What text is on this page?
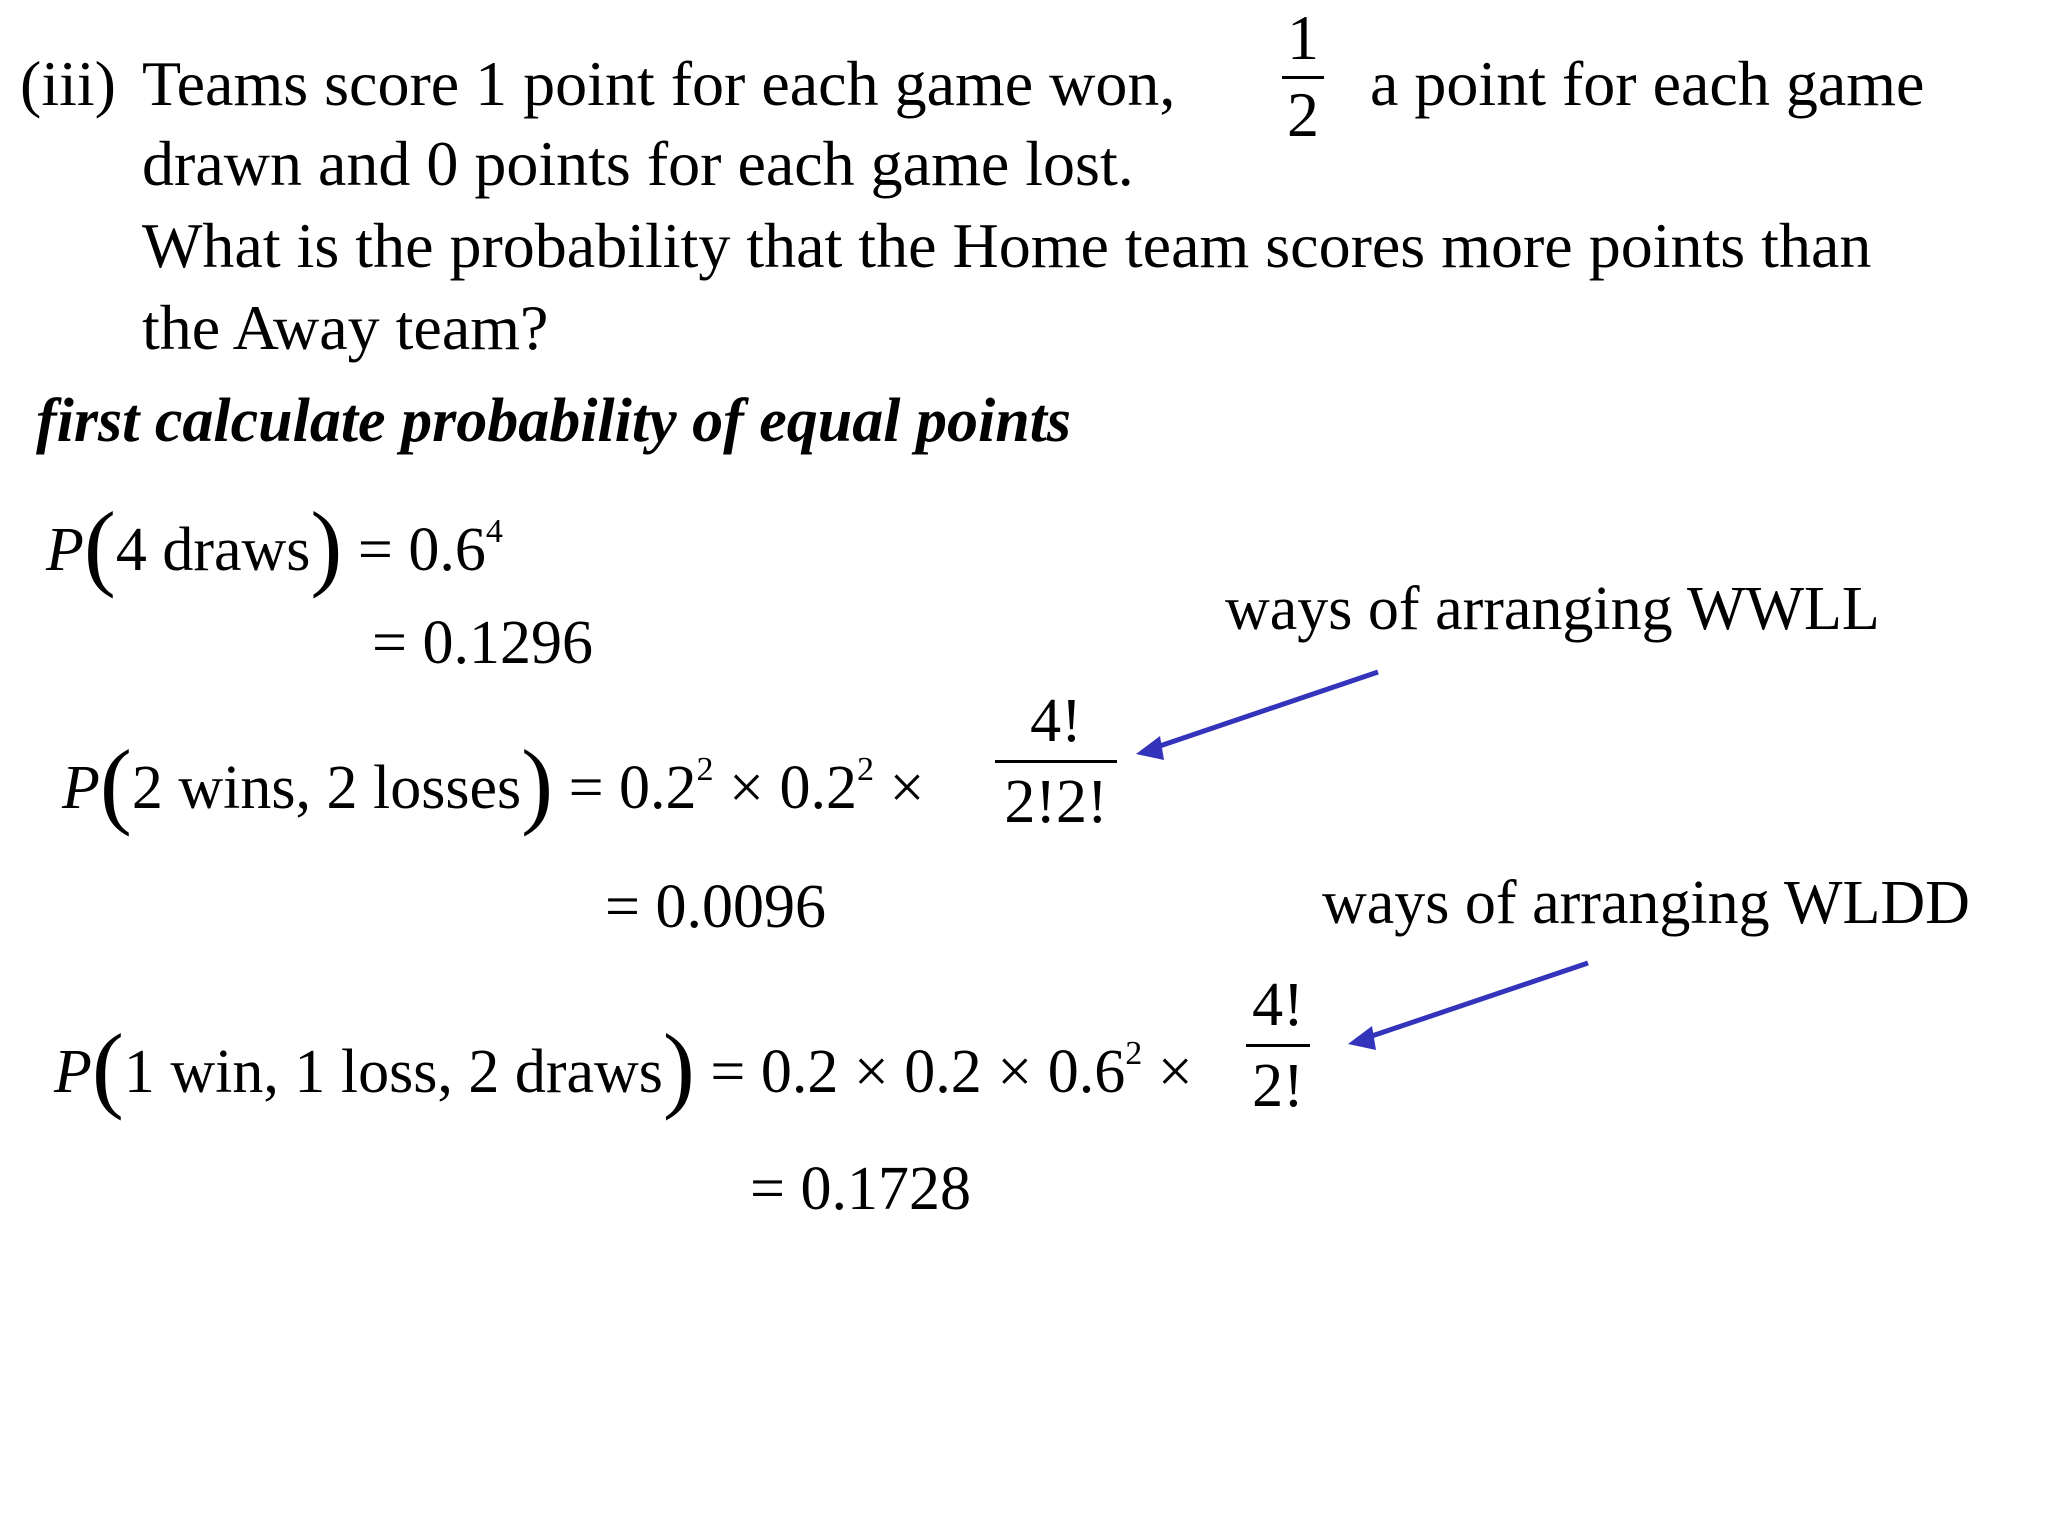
(iii) Teams score 1 point for each game won,
1
2 a point for each game
drawn and 0 points for each game lost.
What is the probability that the Home team scores more points than
the Away team?
first calculate probability of equal points
P(4 draws) = $0.6^4$
= 0.1296	ways of arranging WWLL
P(2 wins, 2 losses) = $0.2^2 \times 0.2^2$ ×
4!
2!2!
= 0.0096	ways of arranging WLDD
P(1 win, 1 loss, 2 draws) = $0.2 \times 0.2 \times 0.6^2$ ×
4!
2!
= 0.1728
